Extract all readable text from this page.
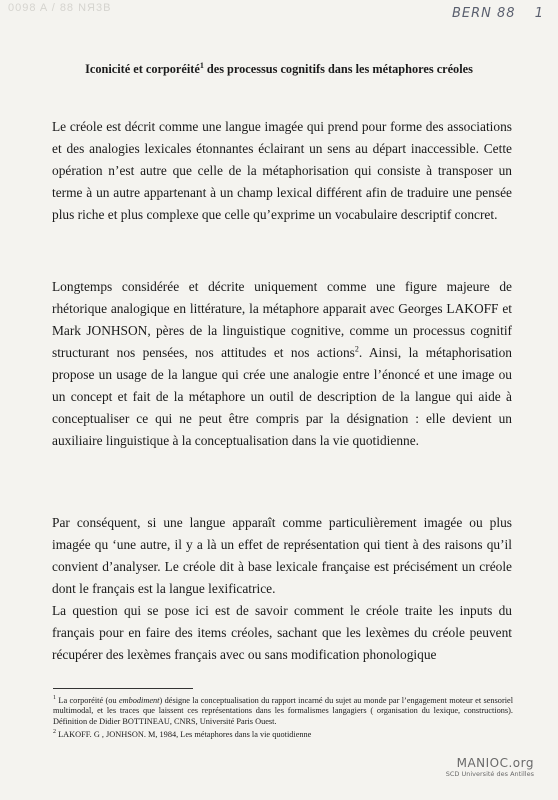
0098 A / 88 NЯ3B	BERN 88 1
Iconicité et corporéité$^1$ des processus cognitifs dans les métaphores créoles
Le créole est décrit comme une langue imagée qui prend pour forme des associations et des analogies lexicales étonnantes éclairant un sens au départ inaccessible. Cette opération n’est autre que celle de la métaphorisation qui consiste à transposer un terme à un autre appartenant à un champ lexical différent afin de traduire une pensée plus riche et plus complexe que celle qu’exprime un vocabulaire descriptif concret.
Longtemps considérée et décrite uniquement comme une figure majeure de rhétorique analogique en littérature, la métaphore apparait avec Georges LAKOFF et Mark JONHSON, pères de la linguistique cognitive, comme un processus cognitif structurant nos pensées, nos attitudes et nos actions$^2$. Ainsi, la métaphorisation propose un usage de la langue qui crée une analogie entre l’énoncé et une image ou un concept et fait de la métaphore un outil de description de la langue qui aide à conceptualiser ce qui ne peut être compris par la désignation : elle devient un auxiliaire linguistique à la conceptualisation dans la vie quotidienne.

Par conséquent, si une langue apparaît comme particulièrement imagée ou plus imagée qu ‘une autre, il y a là un effet de représentation qui tient à des raisons qu’il convient d’analyser. Le créole dit à base lexicale française est précisément un créole dont le français est la langue lexificatrice.

La question qui se pose ici est de savoir comment le créole traite les inputs du français pour en faire des items créoles, sachant que les lexèmes du créole peuvent récupérer des lexèmes français avec ou sans modification phonologique

$^1$ La corporéité (ou embodiment) désigne la conceptualisation du rapport incarné du sujet au monde par l’engagement moteur et sensoriel multimodal, et les traces que laissent ces représentations dans les formalismes langagiers ( organisation du lexique, constructions). Définition de Didier BOTTINEAU, CNRS, Université Paris Ouest.

$^2$ LAKOFF. G , JONHSON. M, 1984, Les métaphores dans la vie quotidienne

MANIOC.org
SCD Université des Antilles
